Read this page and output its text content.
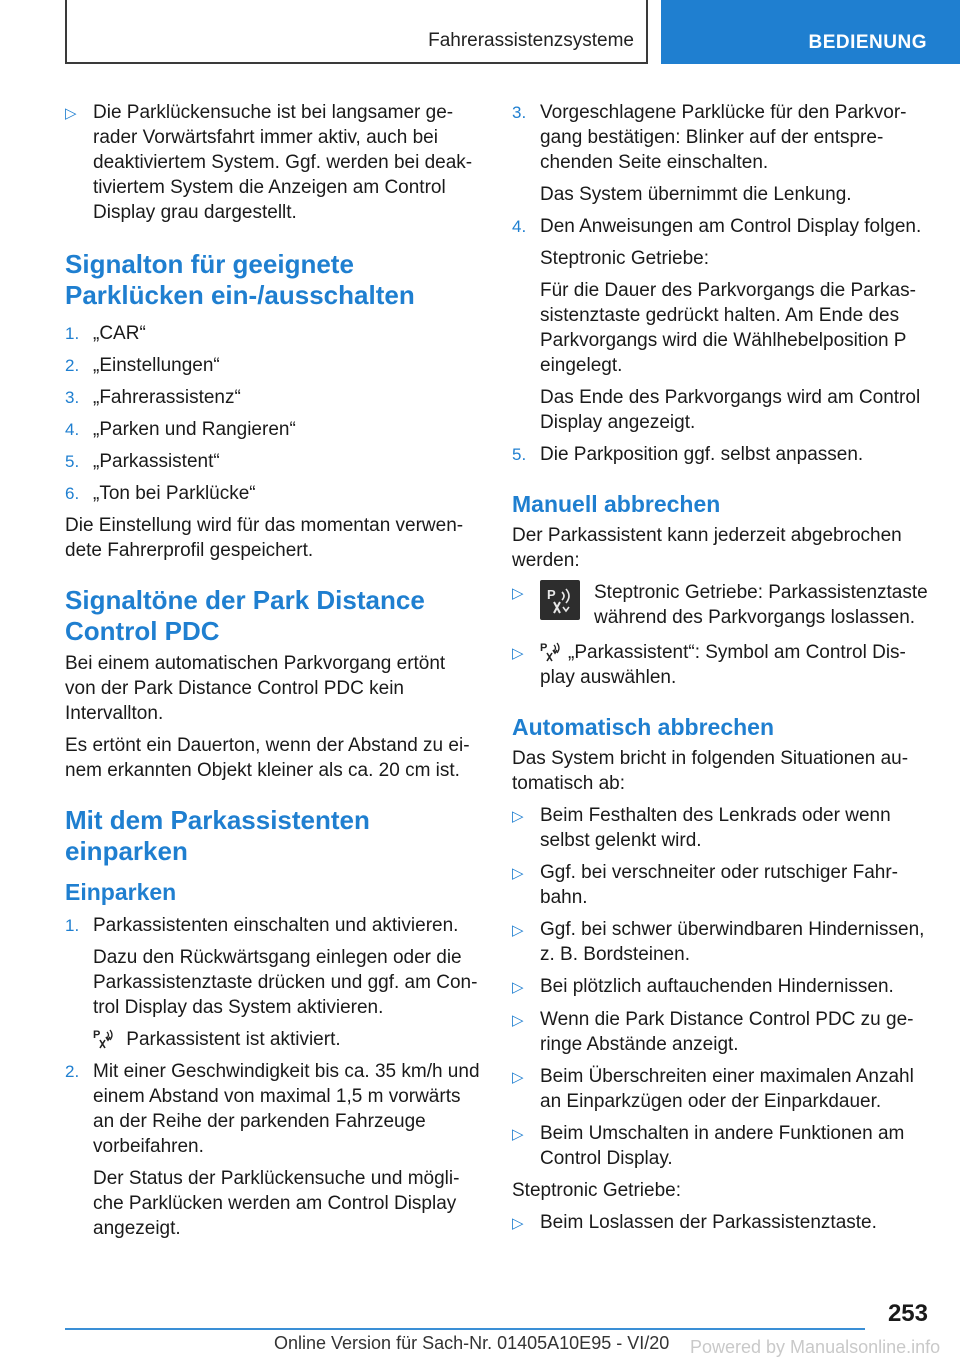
Fahrerassistenzsysteme	BEDIENUNG
▷ Die Parklückensuche ist bei langsamer gerader Vorwärtsfahrt immer aktiv, auch bei deaktiviertem System. Ggf. werden bei deaktiviertem System die Anzeigen am Control Display grau dargestellt.
Signalton für geeignete Parklücken ein-/ausschalten
1. „CAR“
2. „Einstellungen“
3. „Fahrerassistenz“
4. „Parken und Rangieren“
5. „Parkassistent“
6. „Ton bei Parklücke“
Die Einstellung wird für das momentan verwendete Fahrerprofil gespeichert.
Signaltöne der Park Distance Control PDC
Bei einem automatischen Parkvorgang ertönt von der Park Distance Control PDC kein Intervallton.
Es ertönt ein Dauerton, wenn der Abstand zu einem erkannten Objekt kleiner als ca. 20 cm ist.
Mit dem Parkassistenten einparken
Einparken
1. Parkassistenten einschalten und aktivieren.
Dazu den Rückwärtsgang einlegen oder die Parkassistenztaste drücken und ggf. am Control Display das System aktivieren.
P Parkassistent ist aktiviert.
2. Mit einer Geschwindigkeit bis ca. 35 km/h und einem Abstand von maximal 1,5 m vorwärts an der Reihe der parkenden Fahrzeuge vorbeifahren.
Der Status der Parklückensuche und mögliche Parklücken werden am Control Display angezeigt.
3. Vorgeschlagene Parklücke für den Parkvorgang bestätigen: Blinker auf der entsprechenden Seite einschalten.
Das System übernimmt die Lenkung.
4. Den Anweisungen am Control Display folgen.
Steptronic Getriebe:
Für die Dauer des Parkvorgangs die Parkassistenztaste gedrückt halten. Am Ende des Parkvorgangs wird die Wählhebelposition P eingelegt.
Das Ende des Parkvorgangs wird am Control Display angezeigt.
5. Die Parkposition ggf. selbst anpassen.
Manuell abbrechen
Der Parkassistent kann jederzeit abgebrochen werden:
▷	P Steptronic Getriebe: Parkassistenztaste während des Parkvorgangs loslassen.
▷	P „Parkassistent“: Symbol am Control Display auswählen.
Automatisch abbrechen
Das System bricht in folgenden Situationen automatisch ab:
▷ Beim Festhalten des Lenkrads oder wenn selbst gelenkt wird.
▷ Ggf. bei verschneiter oder rutschiger Fahrbahn.
▷ Ggf. bei schwer überwindbaren Hindernissen, z. B. Bordsteinen.
▷ Bei plötzlich auftauchenden Hindernissen.
▷ Wenn die Park Distance Control PDC zu geringe Abstände anzeigt.
▷ Beim Überschreiten einer maximalen Anzahl an Einparkzügen oder der Einparkdauer.
▷ Beim Umschalten in andere Funktionen am Control Display.
Steptronic Getriebe:
▷ Beim Loslassen der Parkassistenztaste.
253
Online Version für Sach-Nr. 01405A10E95 - VI/20 Powered by Manualsonline.info
